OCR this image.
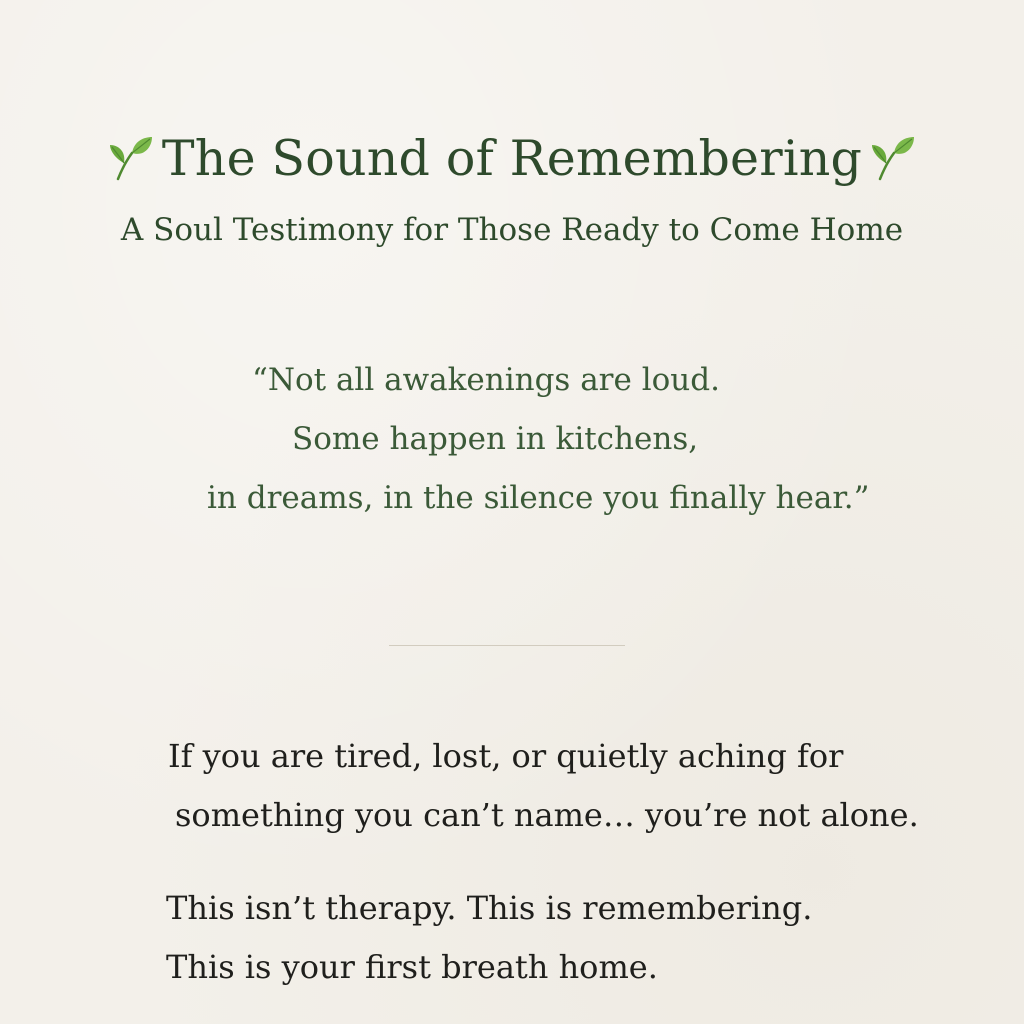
The Sound of Remembering
A Soul Testimony for Those Ready to Come Home
“Not all awakenings are loud.
Some happen in kitchens,
in dreams, in the silence you finally hear.”
If you are tired, lost, or quietly aching for
something you can’t name… you’re not alone.
This isn’t therapy. This is remembering.
This is your first breath home.
